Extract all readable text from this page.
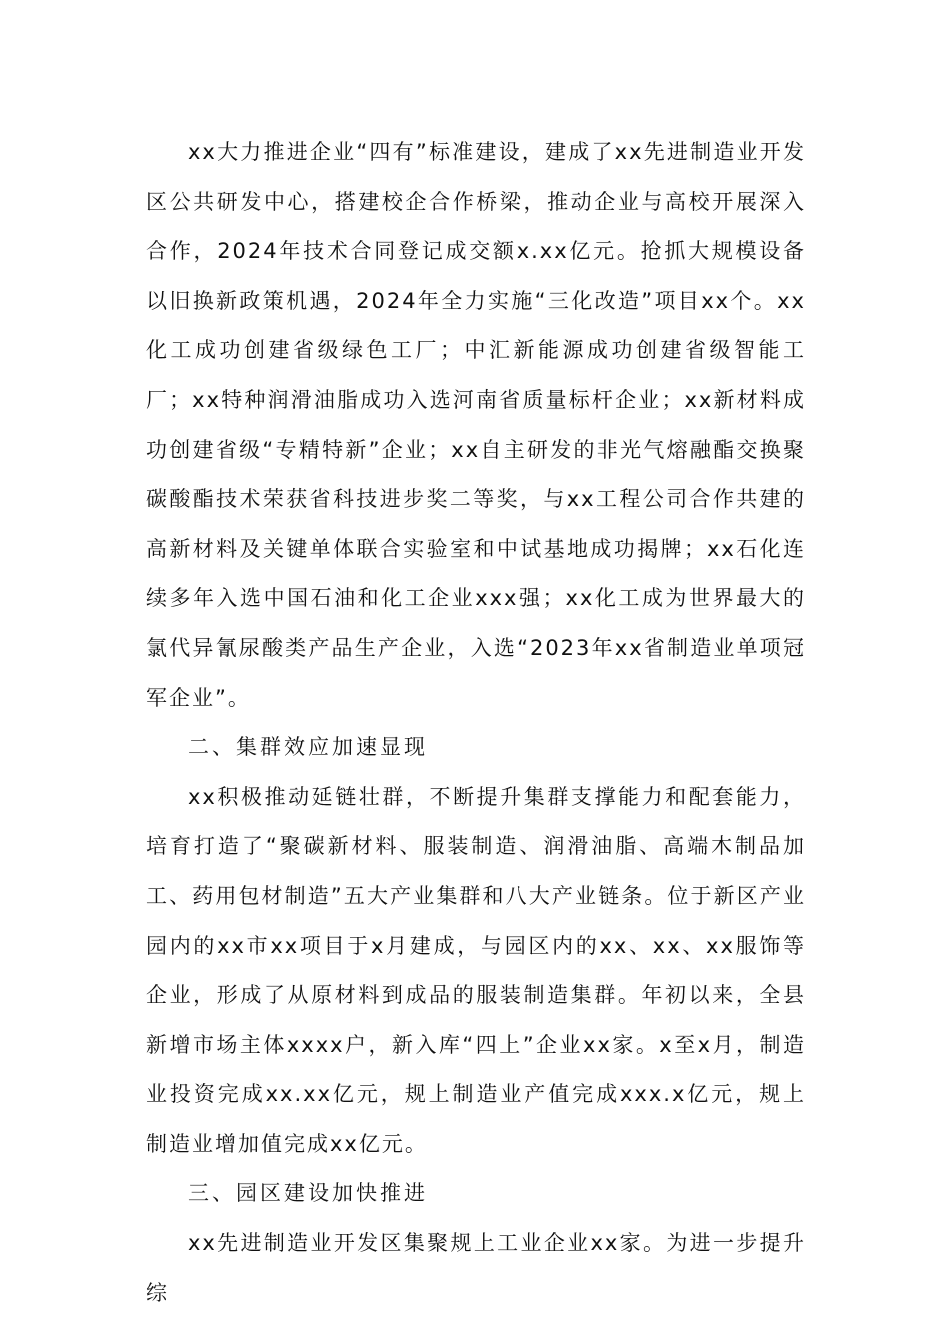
xx大力推进企业“四有”标准建设，建成了xx先进制造业开发区公共研发中心，搭建校企合作桥梁，推动企业与高校开展深入合作，2024年技术合同登记成交额x.xx亿元。抢抓大规模设备以旧换新政策机遇，2024年全力实施“三化改造”项目xx个。xx化工成功创建省级绿色工厂；中汇新能源成功创建省级智能工厂；xx特种润滑油脂成功入选河南省质量标杆企业；xx新材料成功创建省级“专精特新”企业；xx自主研发的非光气熔融酯交换聚碳酸酯技术荣获省科技进步奖二等奖，与xx工程公司合作共建的高新材料及关键单体联合实验室和中试基地成功揭牌；xx石化连续多年入选中国石油和化工企业xxx强；xx化工成为世界最大的氯代异氰尿酸类产品生产企业，入选“2023年xx省制造业单项冠军企业”。

二、集群效应加速显现

xx积极推动延链壮群，不断提升集群支撑能力和配套能力，培育打造了“聚碳新材料、服装制造、润滑油脂、高端木制品加工、药用包材制造”五大产业集群和八大产业链条。位于新区产业园内的xx市xx项目于x月建成，与园区内的xx、xx、xx服饰等企业，形成了从原材料到成品的服装制造集群。年初以来，全县新增市场主体xxxx户，新入库“四上”企业xx家。x至x月，制造业投资完成xx.xx亿元，规上制造业产值完成xxx.x亿元，规上制造业增加值完成xx亿元。

三、园区建设加快推进

xx先进制造业开发区集聚规上工业企业xx家。为进一步提升综
